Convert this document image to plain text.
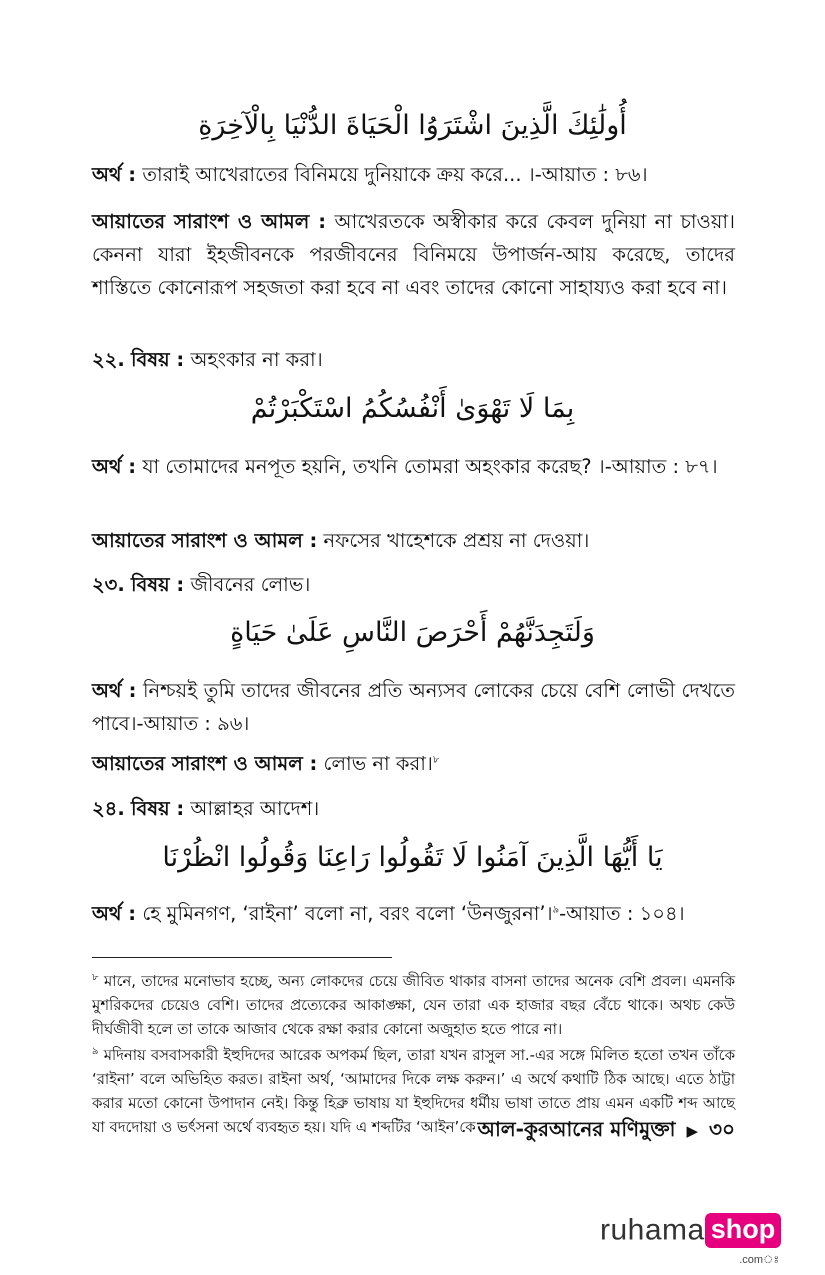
أُولَٰئِكَ الَّذِينَ اشْتَرَوُا الْحَيَاةَ الدُّنْيَا بِالْآخِرَةِ
অর্থ : তারাই আখেরাতের বিনিময়ে দুনিয়াকে ক্রয় করে... ।-আয়াত : ৮৬।
আয়াতের সারাংশ ও আমল : আখেরতকে অস্বীকার করে কেবল দুনিয়া না চাওয়া। কেননা যারা ইহজীবনকে পরজীবনের বিনিময়ে উপার্জন-আয় করেছে, তাদের শাস্তিতে কোনোরূপ সহজতা করা হবে না এবং তাদের কোনো সাহায্যও করা হবে না।
২২. বিষয় : অহংকার না করা।
بِمَا لَا تَهْوَىٰ أَنْفُسُكُمُ اسْتَكْبَرْتُمْ
অর্থ : যা তোমাদের মনপূত হয়নি, তখনি তোমরা অহংকার করেছ? ।-আয়াত : ৮৭।
আয়াতের সারাংশ ও আমল : নফসের খাহেশকে প্রশ্রয় না দেওয়া।
২৩. বিষয় : জীবনের লোভ।
وَلَتَجِدَنَّهُمْ أَحْرَصَ النَّاسِ عَلَىٰ حَيَاةٍ
অর্থ : নিশ্চয়ই তুমি তাদের জীবনের প্রতি অন্যসব লোকের চেয়ে বেশি লোভী দেখতে পাবে।-আয়াত : ৯৬।
আয়াতের সারাংশ ও আমল : লোভ না করা।$^৮$
২৪. বিষয় : আল্লাহর আদেশ।
يَا أَيُّهَا الَّذِينَ آمَنُوا لَا تَقُولُوا رَاعِنَا وَقُولُوا انْظُرْنَا
অর্থ : হে মুমিনগণ, ‘রাইনা’ বলো না, বরং বলো ‘উনজুরনা’।$^৯$-আয়াত : ১০৪।
$^৮$ মানে, তাদের মনোভাব হচ্ছে, অন্য লোকদের চেয়ে জীবিত থাকার বাসনা তাদের অনেক বেশি প্রবল। এমনকি মুশরিকদের চেয়েও বেশি। তাদের প্রত্যেকের আকাঙ্ক্ষা, যেন তারা এক হাজার বছর বেঁচে থাকে। অথচ কেউ দীর্ঘজীবী হলে তা তাকে আজাব থেকে রক্ষা করার কোনো অজুহাত হতে পারে না।
$^৯$ মদিনায় বসবাসকারী ইহুদিদের আরেক অপকর্ম ছিল, তারা যখন রাসুল সা.-এর সঙ্গে মিলিত হতো তখন তাঁকে ‘রাইনা’ বলে অভিহিত করত। রাইনা অর্থ, ‘আমাদের দিকে লক্ষ করুন।’ এ অর্থে কথাটি ঠিক আছে। এতে ঠাট্টা করার মতো কোনো উপাদান নেই। কিন্তু হিব্রু ভাষায় যা ইহুদিদের ধর্মীয় ভাষা তাতে প্রায় এমন একটি শব্দ আছে যা বদদোয়া ও ভর্ৎসনা অর্থে ব্যবহৃত হয়। যদি এ শব্দটির ‘আইন’কে আল-কুরআনের মণিমুক্তা ▶ ৩০
ruhama shop
.comঃ
